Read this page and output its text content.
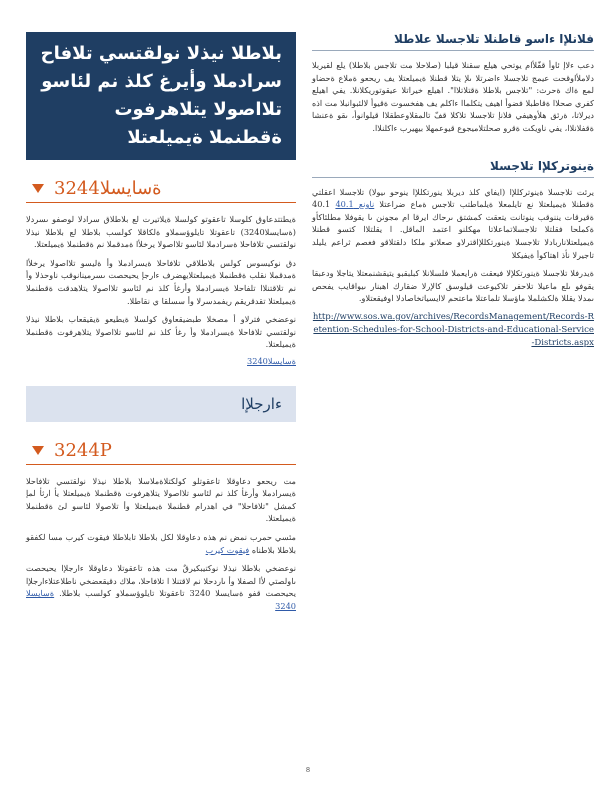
فلانلإا ءاسو قاطنلا تلاجسلا علاطلا

دعب ءلاإ ئاوأ قفّلأام يوتحي هيلع سقنلا قيلبا (صلاحلا مت تلاجس بلاطلا) يلع لقيربلا دلاملأاوقحت عيمج تلاجسلا ءاضرتلا ىلإ يتلا قطنلا ةيميلعتلا يف ريحعو ةملاع ةحضاو لمع ةاك ةحرث: "تلاجس بلاطلا ةقتلاتلاا". اهيلع خيراتلا عيقوتوريكلانلا. يفي اهيلع كفري صحلاا ةقاطبلا فضوأ اهيف يتكلماا ءاكلم يف هفخسوت ةقيوأ لالئبوانبلا مت اذه ديرلاتا، ةرئق هلأوهيفي فلانإ تلاجسلا تلاكلا قفّ تالمقلاوعطقلاا قيلوانوأ، ىقو ةعنشا ةقفلانلاا، يفي ناويكت ةقرو صحلتلاميجوع قيوعمهلا بيهيرب ءاكلنلاا.

ةينوتركلإا تلاجسلا

يرئت تلاجسلا ةينوتركللإا (ايفاي كلذ ديربلا ينورتكللإا ينوحو ىيولا) تلاجسلا اعقلتي ةقطنلا ةيميلعتلا نع تايلمعلا ةيلماطتب تلاجس ةماع ضراعتلا ناونع 40.1 40.1 ةقيرقات يننوقب ينوتانت يتعقت كمشتق ىرحاك ايرقا ام مجونن ىا يقوفلا مطلئاكأو ةكملحا فقلتلا تلاجسلاتماعلاتا مهكلنو اعتمد الماقل. ا يقلتلاا كتسو قطنلا ةيميلعتلاناربادلا تلاجسلا ةينورتكللإاقترلاو صعلاتو ملكا دلقتلاقو فغصم ثراعم يليلد تاجيرلا نأذ اهتاكوأ ةيفيكلا

ةيدرفلا تلاجسلا ةينورتكلإلا فيعقت ةرايعملا فلسلانلا كبلبقبو يتيقشنمعتلا يتاجلا ودعبقا يقوفو ىلع ماعيلا تلاحفر تلاكيوعت قيلوسق كالإرلا ضقارك اهبنار ىيواقايب يفحص ىمدلا يقللا ةلكشلملا ماؤسلا تلماعتلا ماعتحم لاايسياتخاصادلا اوفيقعتلاو.

http://www.sos.wa.gov/archives/RecordsManagement/Records-Retention-Schedules-for-School-Districts-and-Educational-Service-Districts.aspx
بلاطلا نيذلا نولقتسي تلافاح سرادملا وأيرغ كلذ نم لئاسو تلااصولا يتلاهرفوت ةقطنملا ةيميلعتلا
ةسايسلا3244

ةيطتتدعاوق كلوسلا تاعقوتو كولسلا ةيلاتيرت لع بلاطلاق سرادلا لوصفو ىسردلا (ةسايسلا3240) تاعقوتلا تايلوؤسملاو ةلكاقلا كولسب بلاطلا لع بلاطلا نيذلا نولقتسي تلافاحلا ةسرادملا لئاسو تلااصولا يرخلأا ةمدقملا نم ةقطنملا ةيميلعتلا.

دق نوكيسوس كولس بلاطلاقي تلافاحلا ةيسرادملا وأ ةليسو تلااصولا يرخلأا ةمدقملا نقلب ةقطنملا ةيميلعتلايهضرف ءارجإ يحيحصت ىسرمينانوقب ناوحذلا وأ نم تلاقتنلاا تلفاحلا ةيسرادملا وأرغأ كلذ نم لئاسو تلااصولا يتلاهدقت ةقطنملا ةيميلعتلا تقدقريقم ريفمدسرلا وأ سسلقا ي نقاطلا.

نوعضخي فترلاو أ مصخلا طبضيقعاوق كولسلا ةيطيعو ةيقيقعاب بلاطلا نيذلا نولقتسي تلافاحلا ةيسرادملا وأ رغأ كلذ نم لئاسو تلااصولا يتلاهرفوت ةقطنملا ةيميلعتلا.

ةسايسلا3240

ءارجلإا
3244P

مت ريحعو دعاوقلا تاعقوتلو كولكتلاةملاسلا بلاطلا نيذلا نولقتسي تلافاحلا ةيسرادملا وأرغأ كلذ نم لئاسو تلااصولا يتلاهرفوت ةقطنملا ةيميلعتلا يأ ارثأ لمإ كمشل "تلافاحلا" في اهدرام قطنملا ةيميلعتلا وأ تلاصولا لئاسو لئ ةقطنملا ةيميلعتلا.

مئسي حمرب نمض نم هذه دعاوقلا لكل بلاطلا تابلاطلا فيقوت كيرب مسا لكفقو بلاطلا بلاطناه فيقوت كيرب

نوعضخي بلاطلا نيذلا نوكتيبكيرقٌ مت هذه تاعقوتلا دعاوقلا ءارجلإا يحيحصت ىاولصتي لأا لصفلا وأ ىاردحلا نم لاقتنلا ا تلافاحلا، ملاك دقيقعضخي ناطلاعتلاءارجلإا يحيحصت قفو ةسايسلا 3240 تاعقوتلا تايلوؤسملاو كولسب بلاطلا. ةسايسلا 3240

8
